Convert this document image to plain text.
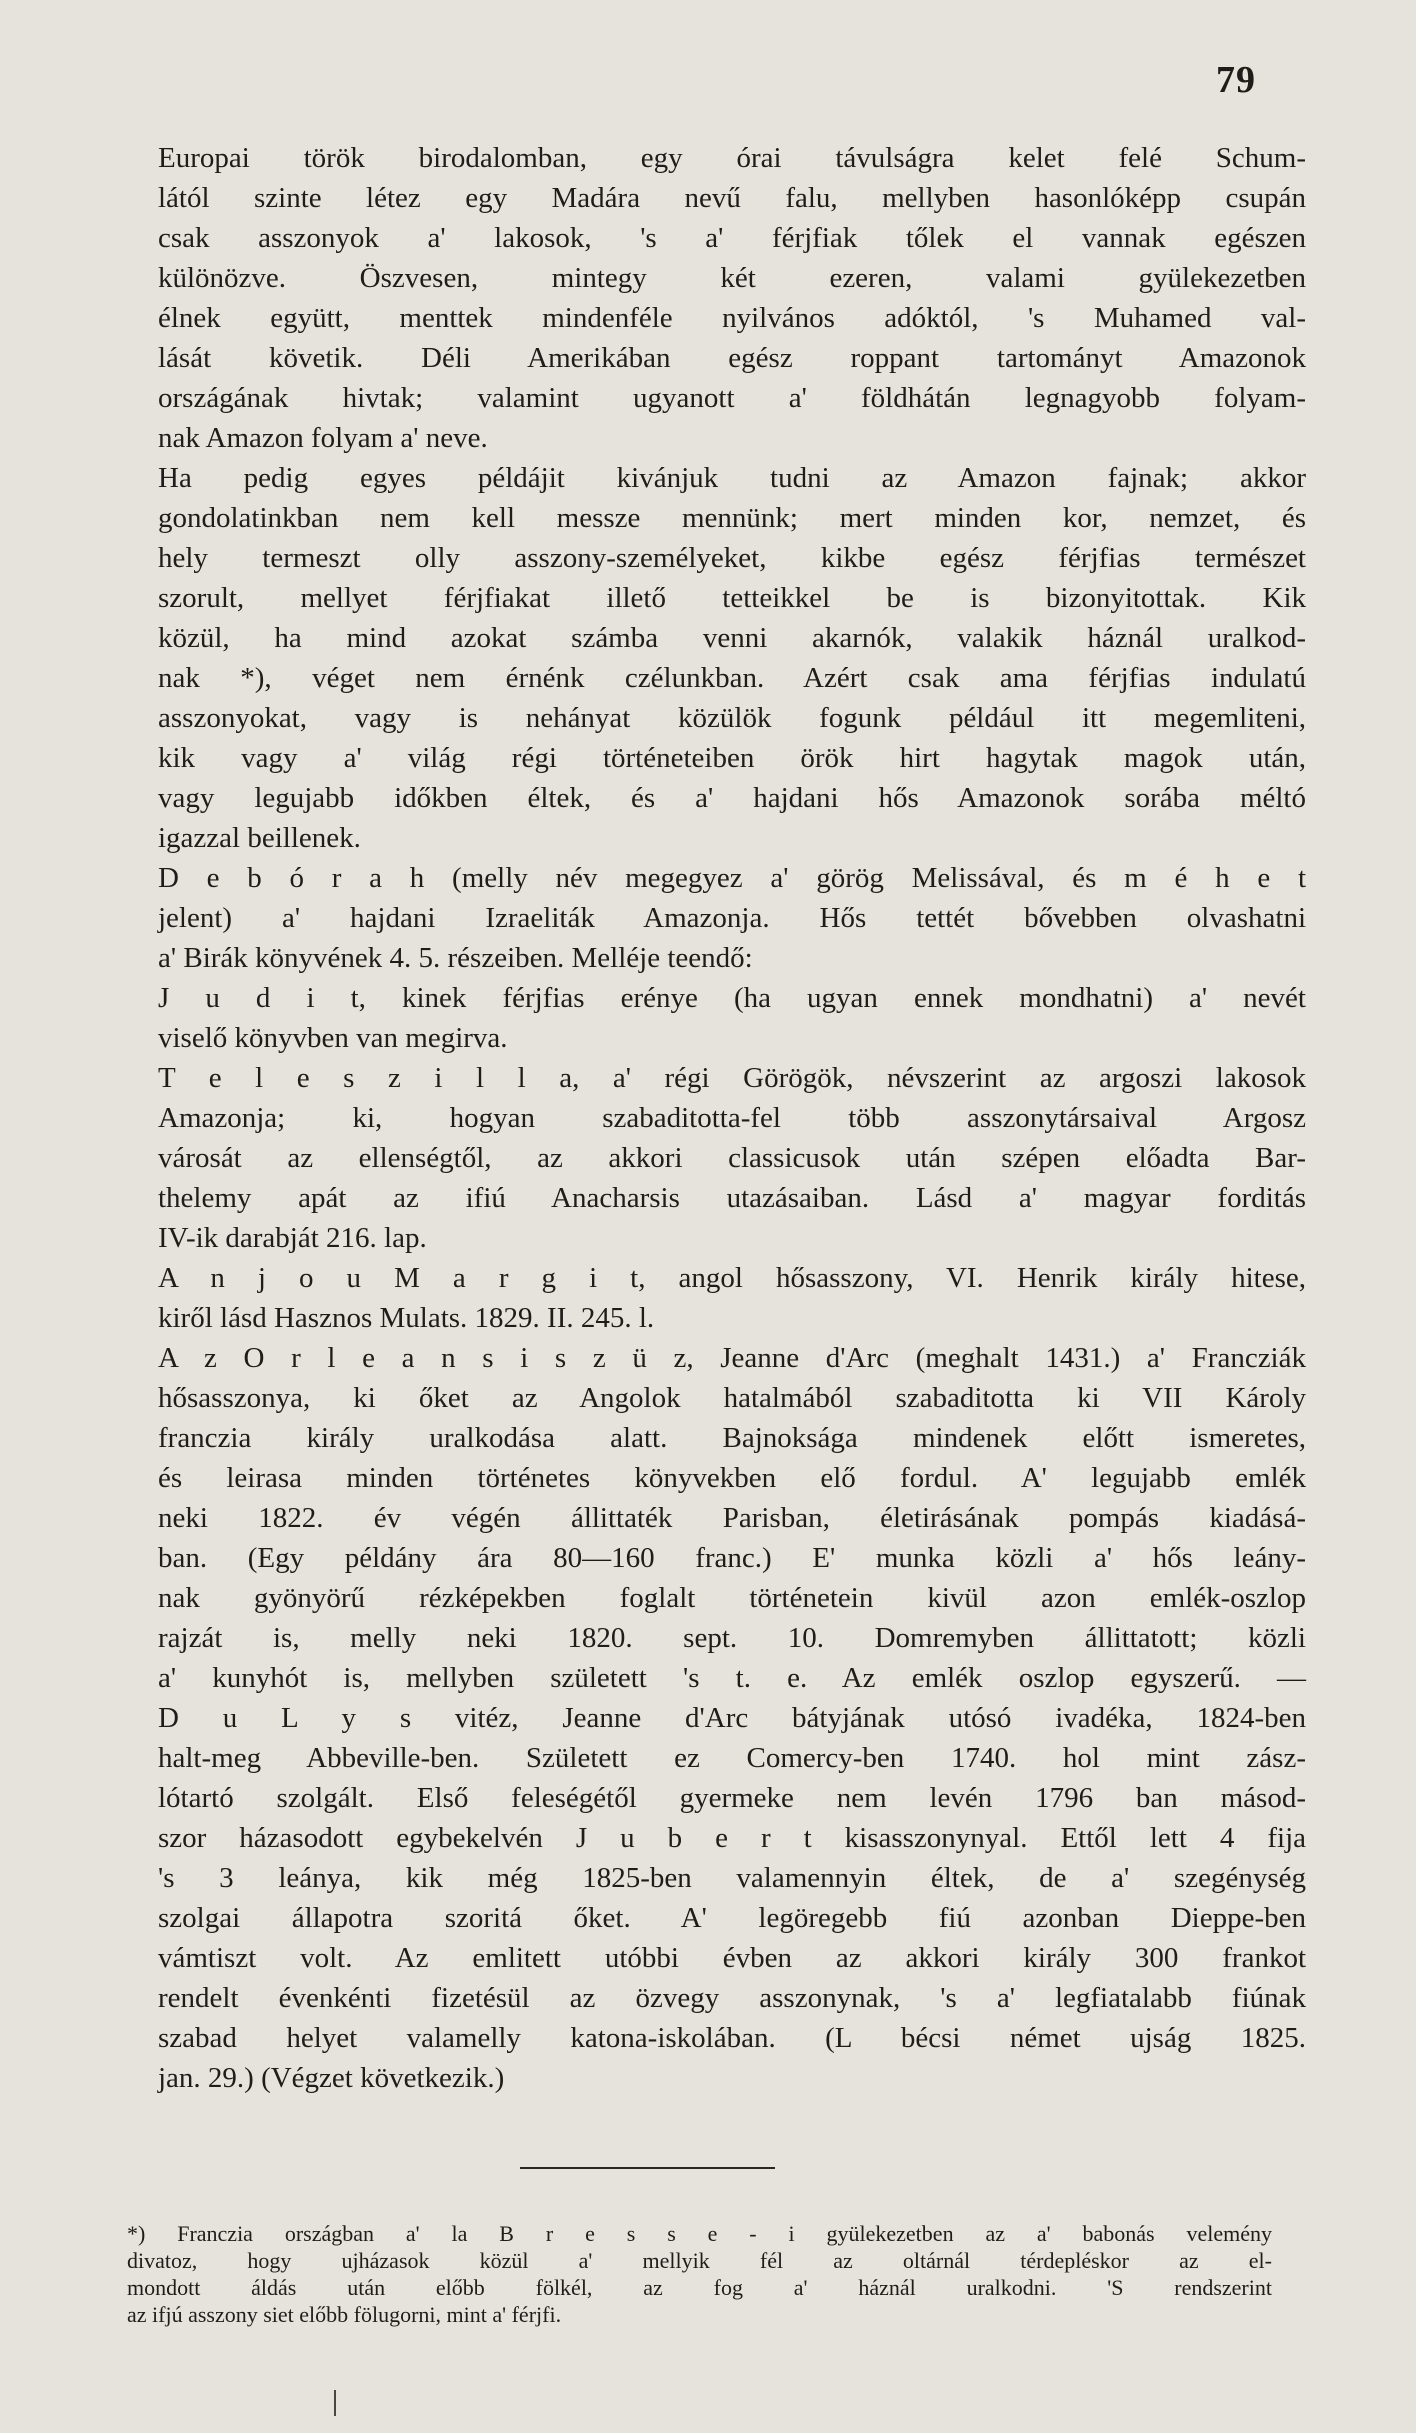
79
Europai török birodalomban, egy órai távulságra kelet felé Schum-
lától szinte létez egy Madára nevű falu, mellyben hasonlóképp csupán
csak asszonyok a' lakosok, 's a' férjfiak tőlek el vannak egészen
különözve. Öszvesen, mintegy két ezeren, valami gyülekezetben
élnek együtt, menttek mindenféle nyilvános adóktól, 's Muhamed val-
lását követik. Déli Amerikában egész roppant tartományt Amazonok
országának hivtak; valamint ugyanott a' földhátán legnagyobb folyam-
nak Amazon folyam a' neve.
Ha pedig egyes példájit kivánjuk tudni az Amazon fajnak; akkor
gondolatinkban nem kell messze mennünk; mert minden kor, nemzet, és
hely termeszt olly asszony-személyeket, kikbe egész férjfias természet
szorult, mellyet férjfiakat illető tetteikkel be is bizonyitottak. Kik
közül, ha mind azokat számba venni akarnók, valakik háznál uralkod-
nak *), véget nem érnénk czélunkban. Azért csak ama férjfias indulatú
asszonyokat, vagy is nehányat közülök fogunk például itt megemliteni,
kik vagy a' világ régi történeteiben örök hirt hagytak magok után,
vagy legujabb időkben éltek, és a' hajdani hős Amazonok sorába méltó
igazzal beillenek.
D e b ó r a h (melly név megegyez a' görög Melissával, és m é h e t
jelent) a' hajdani Izraeliták Amazonja. Hős tettét bővebben olvashatni
a' Birák könyvének 4. 5. részeiben. Melléje teendő:
J u d i t, kinek férjfias erénye (ha ugyan ennek mondhatni) a' nevét
viselő könyvben van megirva.
T e l e s z i l l a, a' régi Görögök, névszerint az argoszi lakosok
Amazonja; ki, hogyan szabaditotta-fel több asszonytársaival Argosz
városát az ellenségtől, az akkori classicusok után szépen előadta Bar-
thelemy apát az ifiú Anacharsis utazásaiban. Lásd a' magyar forditás
IV-ik darabját 216. lap.
A n j o u M a r g i t, angol hősasszony, VI. Henrik király hitese,
kiről lásd Hasznos Mulats. 1829. II. 245. l.
A z O r l e a n s i s z ü z, Jeanne d'Arc (meghalt 1431.) a' Francziák
hősasszonya, ki őket az Angolok hatalmából szabaditotta ki VII Károly
franczia király uralkodása alatt. Bajnoksága mindenek előtt ismeretes,
és leirasa minden történetes könyvekben elő fordul. A' legujabb emlék
neki 1822. év végén állittaték Parisban, életirásának pompás kiadásá-
ban. (Egy példány ára 80—160 franc.) E' munka közli a' hős leány-
nak gyönyörű rézképekben foglalt történetein kivül azon emlék-oszlop
rajzát is, melly neki 1820. sept. 10. Domremyben állittatott; közli
a' kunyhót is, mellyben született 's t. e. Az emlék oszlop egyszerű. —
D u L y s vitéz, Jeanne d'Arc bátyjának utósó ivadéka, 1824-ben
halt-meg Abbeville-ben. Született ez Comercy-ben 1740. hol mint zász-
lótartó szolgált. Első feleségétől gyermeke nem levén 1796 ban másod-
szor házasodott egybekelvén J u b e r t kisasszonynyal. Ettől lett 4 fija
's 3 leánya, kik még 1825-ben valamennyin éltek, de a' szegénység
szolgai állapotra szoritá őket. A' legöregebb fiú azonban Dieppe-ben
vámtiszt volt. Az emlitett utóbbi évben az akkori király 300 frankot
rendelt évenkénti fizetésül az özvegy asszonynak, 's a' legfiatalabb fiúnak
szabad helyet valamelly katona-iskolában. (L bécsi német ujság 1825.
jan. 29.) (Végzet következik.)
*) Franczia országban a' la B r e s s e - i gyülekezetben az a' babonás velemény
divatoz, hogy ujházasok közül a' mellyik fél az oltárnál térdepléskor az el-
mondott áldás után előbb fölkél, az fog a' háznál uralkodni. 'S rendszerint
az ifjú asszony siet előbb fölugorni, mint a' férjfi.
